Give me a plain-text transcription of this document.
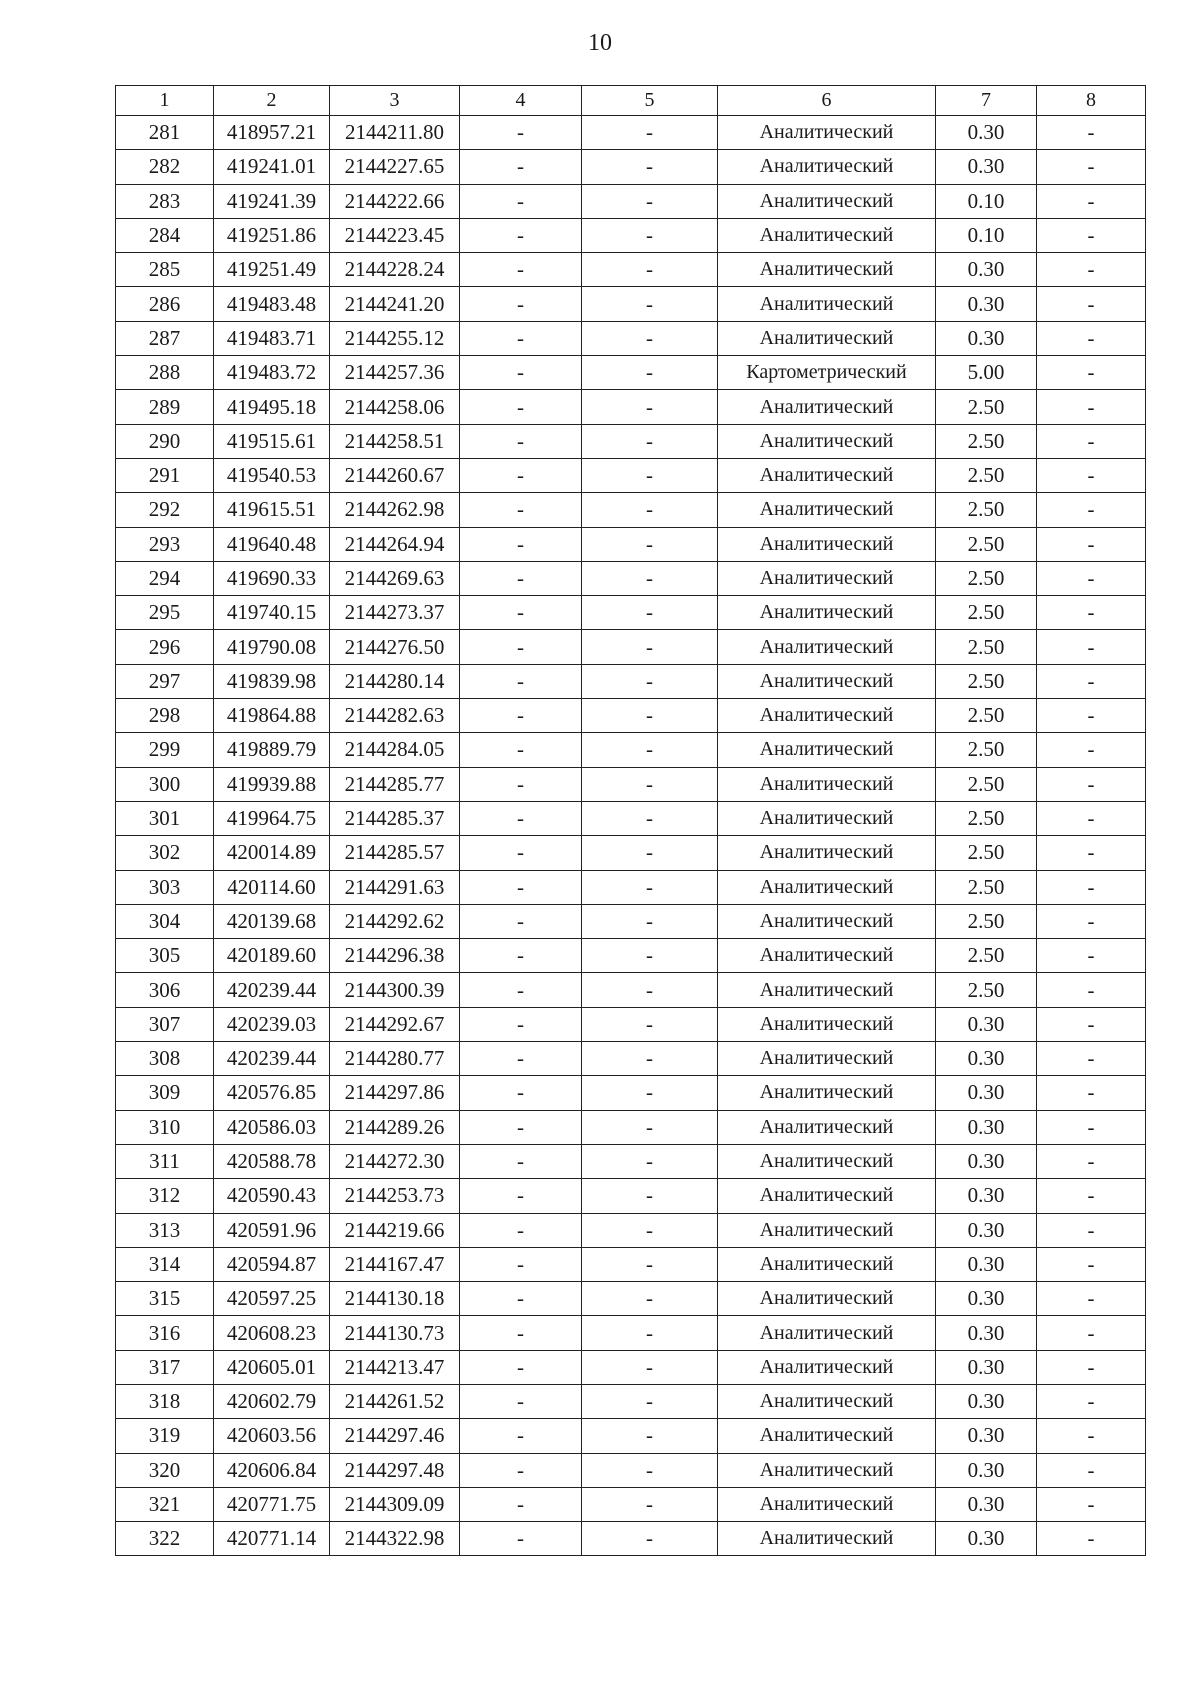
10
1	2	3	4	5	6	7	8
281	418957.21	2144211.80	-	-	Аналитический	0.30	-
282	419241.01	2144227.65	-	-	Аналитический	0.30	-
283	419241.39	2144222.66	-	-	Аналитический	0.10	-
284	419251.86	2144223.45	-	-	Аналитический	0.10	-
285	419251.49	2144228.24	-	-	Аналитический	0.30	-
286	419483.48	2144241.20	-	-	Аналитический	0.30	-
287	419483.71	2144255.12	-	-	Аналитический	0.30	-
288	419483.72	2144257.36	-	-	Картометрический	5.00	-
289	419495.18	2144258.06	-	-	Аналитический	2.50	-
290	419515.61	2144258.51	-	-	Аналитический	2.50	-
291	419540.53	2144260.67	-	-	Аналитический	2.50	-
292	419615.51	2144262.98	-	-	Аналитический	2.50	-
293	419640.48	2144264.94	-	-	Аналитический	2.50	-
294	419690.33	2144269.63	-	-	Аналитический	2.50	-
295	419740.15	2144273.37	-	-	Аналитический	2.50	-
296	419790.08	2144276.50	-	-	Аналитический	2.50	-
297	419839.98	2144280.14	-	-	Аналитический	2.50	-
298	419864.88	2144282.63	-	-	Аналитический	2.50	-
299	419889.79	2144284.05	-	-	Аналитический	2.50	-
300	419939.88	2144285.77	-	-	Аналитический	2.50	-
301	419964.75	2144285.37	-	-	Аналитический	2.50	-
302	420014.89	2144285.57	-	-	Аналитический	2.50	-
303	420114.60	2144291.63	-	-	Аналитический	2.50	-
304	420139.68	2144292.62	-	-	Аналитический	2.50	-
305	420189.60	2144296.38	-	-	Аналитический	2.50	-
306	420239.44	2144300.39	-	-	Аналитический	2.50	-
307	420239.03	2144292.67	-	-	Аналитический	0.30	-
308	420239.44	2144280.77	-	-	Аналитический	0.30	-
309	420576.85	2144297.86	-	-	Аналитический	0.30	-
310	420586.03	2144289.26	-	-	Аналитический	0.30	-
311	420588.78	2144272.30	-	-	Аналитический	0.30	-
312	420590.43	2144253.73	-	-	Аналитический	0.30	-
313	420591.96	2144219.66	-	-	Аналитический	0.30	-
314	420594.87	2144167.47	-	-	Аналитический	0.30	-
315	420597.25	2144130.18	-	-	Аналитический	0.30	-
316	420608.23	2144130.73	-	-	Аналитический	0.30	-
317	420605.01	2144213.47	-	-	Аналитический	0.30	-
318	420602.79	2144261.52	-	-	Аналитический	0.30	-
319	420603.56	2144297.46	-	-	Аналитический	0.30	-
320	420606.84	2144297.48	-	-	Аналитический	0.30	-
321	420771.75	2144309.09	-	-	Аналитический	0.30	-
322	420771.14	2144322.98	-	-	Аналитический	0.30	-
